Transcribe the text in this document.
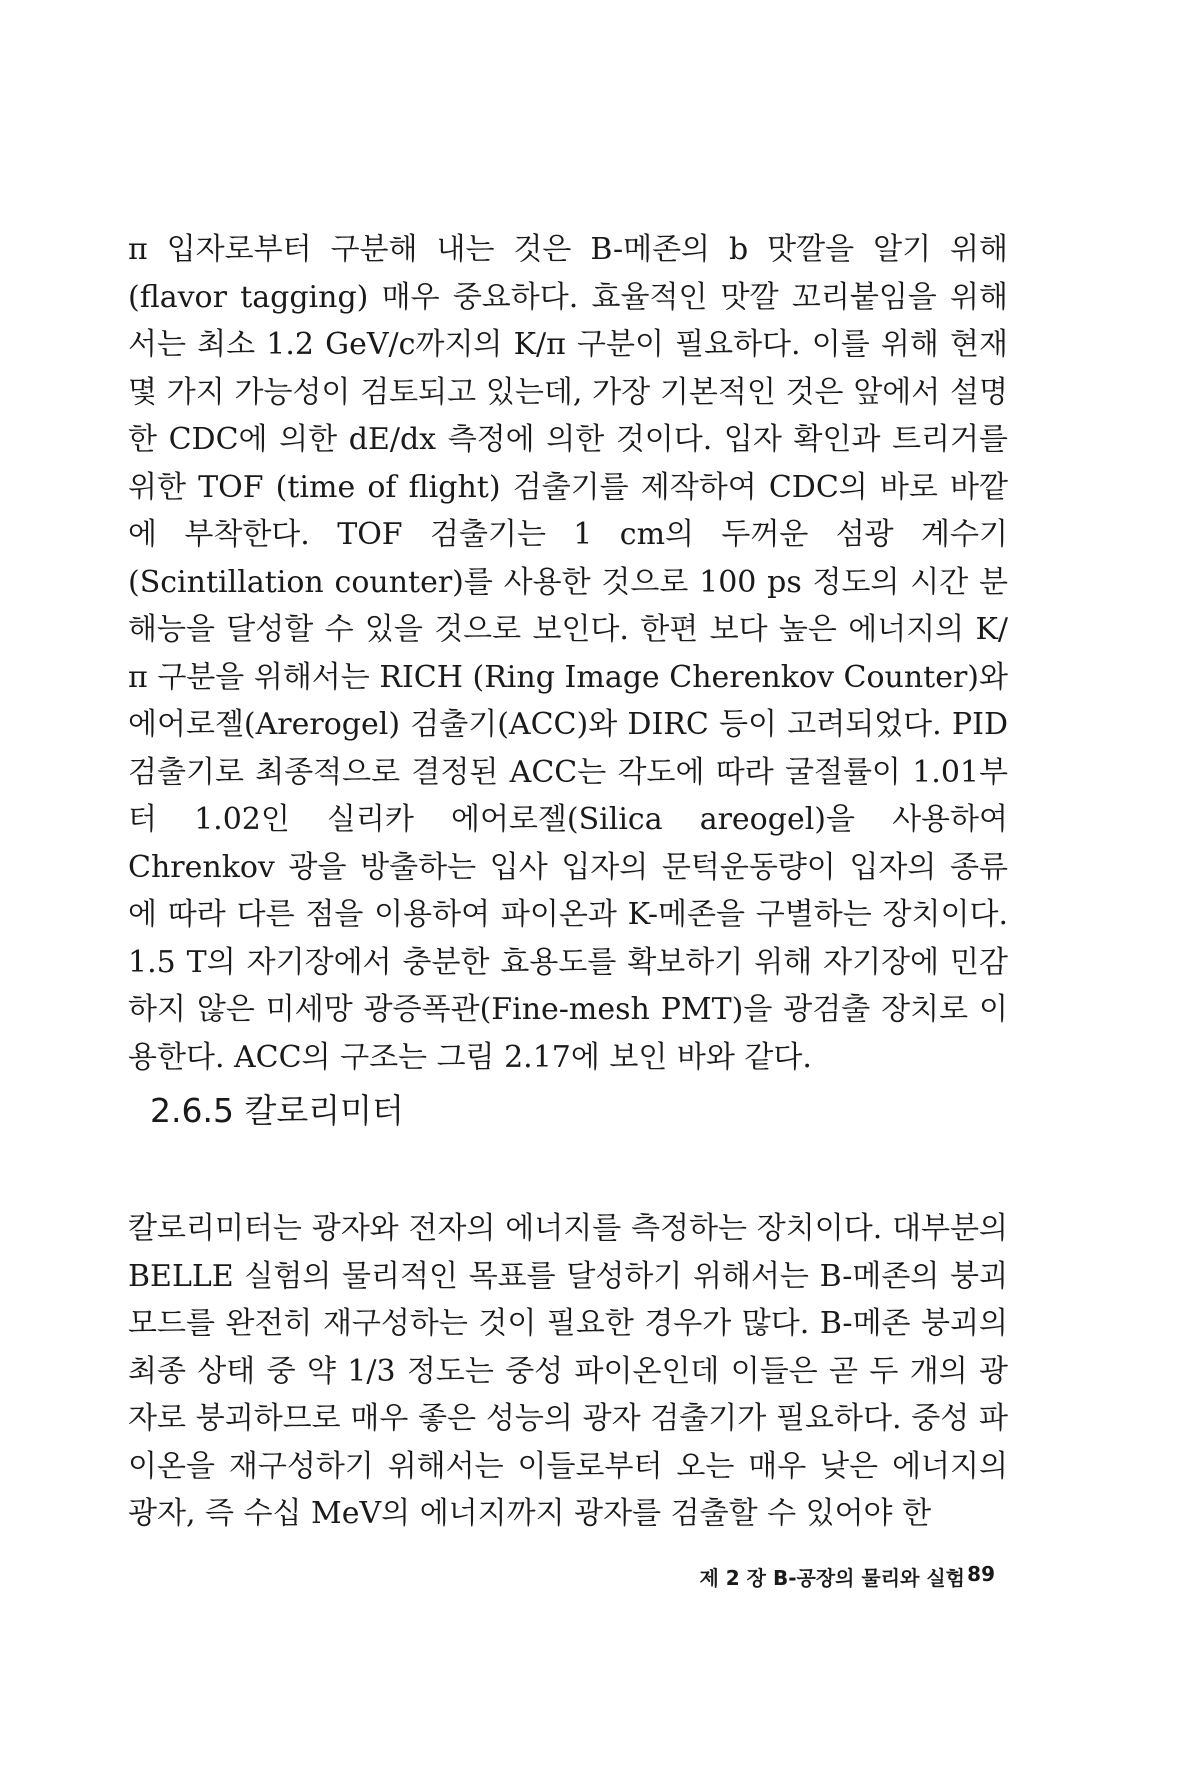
π 입자로부터 구분해 내는 것은 B-메존의 b 맛깔을 알기 위해(flavor tagging) 매우 중요하다. 효율적인 맛깔 꼬리붙임을 위해서는 최소 1.2 GeV/c까지의 K/π 구분이 필요하다. 이를 위해 현재 몇 가지 가능성이 검토되고 있는데, 가장 기본적인 것은 앞에서 설명한 CDC에 의한 dE/dx 측정에 의한 것이다. 입자 확인과 트리거를 위한 TOF (time of flight) 검출기를 제작하여 CDC의 바로 바깥에 부착한다. TOF 검출기는 1 cm의 두꺼운 섬광 계수기(Scintillation counter)를 사용한 것으로 100 ps 정도의 시간 분해능을 달성할 수 있을 것으로 보인다. 한편 보다 높은 에너지의 K/π 구분을 위해서는 RICH (Ring Image Cherenkov Counter)와 에어로젤(Arerogel) 검출기(ACC)와 DIRC 등이 고려되었다. PID 검출기로 최종적으로 결정된 ACC는 각도에 따라 굴절률이 1.01부터 1.02인 실리카 에어로젤(Silica areogel)을 사용하여 Chrenkov 광을 방출하는 입사 입자의 문턱운동량이 입자의 종류에 따라 다른 점을 이용하여 파이온과 K-메존을 구별하는 장치이다. 1.5 T의 자기장에서 충분한 효용도를 확보하기 위해 자기장에 민감하지 않은 미세망 광증폭관(Fine-mesh PMT)을 광검출 장치로 이용한다. ACC의 구조는 그림 2.17에 보인 바와 같다.

2.6.5 칼로리미터

칼로리미터는 광자와 전자의 에너지를 측정하는 장치이다. 대부분의 BELLE 실험의 물리적인 목표를 달성하기 위해서는 B-메존의 붕괴 모드를 완전히 재구성하는 것이 필요한 경우가 많다. B-메존 붕괴의 최종 상태 중 약 1/3 정도는 중성 파이온인데 이들은 곧 두 개의 광자로 붕괴하므로 매우 좋은 성능의 광자 검출기가 필요하다. 중성 파이온을 재구성하기 위해서는 이들로부터 오는 매우 낮은 에너지의 광자, 즉 수십 MeV의 에너지까지 광자를 검출할 수 있어야 한

제 2 장 B-공장의 물리와 실험 89
